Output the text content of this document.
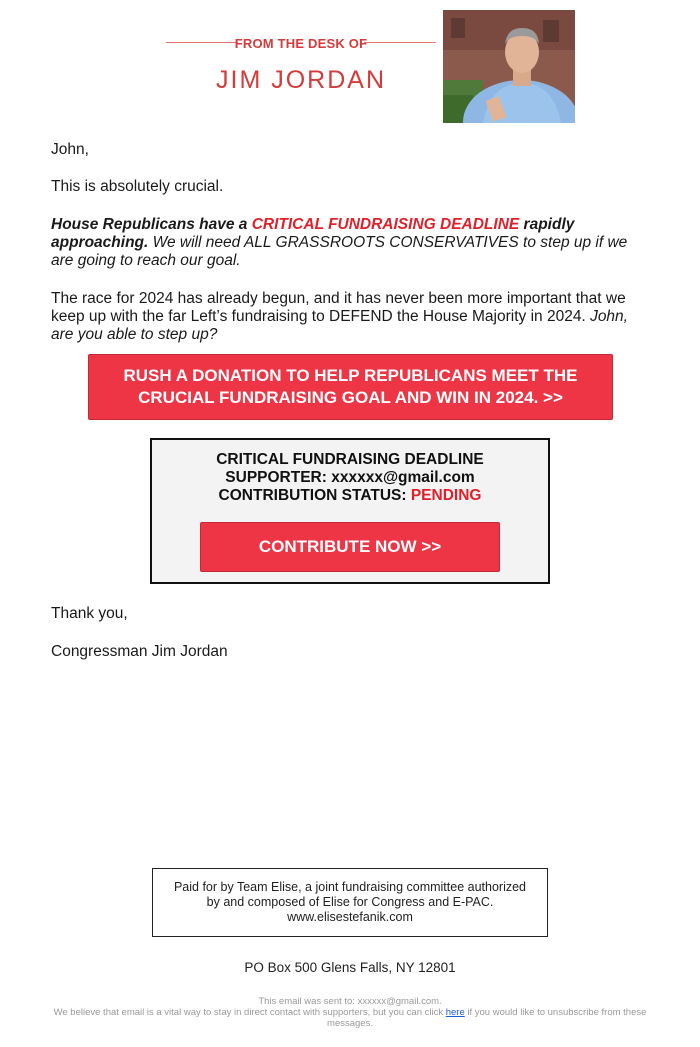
FROM THE DESK OF
JIM JORDAN
John,
This is absolutely crucial.
House Republicans have a CRITICAL FUNDRAISING DEADLINE rapidly approaching. We will need ALL GRASSROOTS CONSERVATIVES to step up if we are going to reach our goal.
The race for 2024 has already begun, and it has never been more important that we keep up with the far Left’s fundraising to DEFEND the House Majority in 2024. John, are you able to step up?
RUSH A DONATION TO HELP REPUBLICANS MEET THE
CRUCIAL FUNDRAISING GOAL AND WIN IN 2024. >>
CRITICAL FUNDRAISING DEADLINE
SUPPORTER: xxxxxx@gmail.com
CONTRIBUTION STATUS: PENDING
CONTRIBUTE NOW >>
Thank you,
Congressman Jim Jordan
Paid for by Team Elise, a joint fundraising committee authorized by and composed of Elise for Congress and E-PAC. www.elisestefanik.com
PO Box 500 Glens Falls, NY 12801
This email was sent to: xxxxxx@gmail.com.
We believe that email is a vital way to stay in direct contact with supporters, but you can click here if you would like to unsubscribe from these messages.
